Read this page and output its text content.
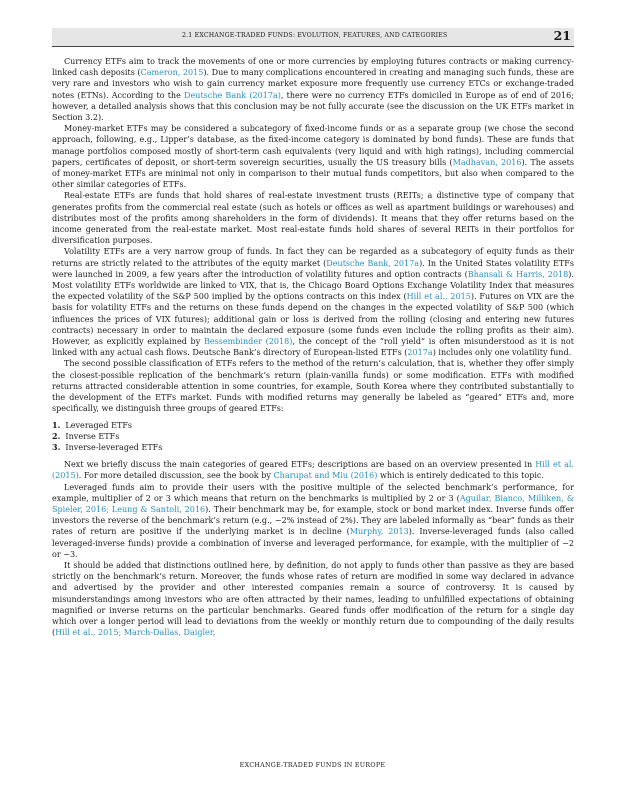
2.1 EXCHANGE-TRADED FUNDS: EVOLUTION, FEATURES, AND CATEGORIES	21

Currency ETFs aim to track the movements of one or more currencies by employing futures contracts or making currency-linked cash deposits (Cameron, 2015). Due to many complications encountered in creating and managing such funds, these are very rare and investors who wish to gain currency market exposure more frequently use currency ETCs or exchange-traded notes (ETNs). According to the Deutsche Bank (2017a), there were no currency ETFs domiciled in Europe as of end of 2016; however, a detailed analysis shows that this conclusion may be not fully accurate (see the discussion on the UK ETFs market in Section 3.2).

Money-market ETFs may be considered a subcategory of fixed-income funds or as a separate group (we chose the second approach, following, e.g., Lipper’s database, as the fixed-income category is dominated by bond funds). These are funds that manage portfolios composed mostly of short-term cash equivalents (very liquid and with high ratings), including commercial papers, certificates of deposit, or short-term sovereign securities, usually the US treasury bills (Madhavan, 2016). The assets of money-market ETFs are minimal not only in comparison to their mutual funds competitors, but also when compared to the other similar categories of ETFs.

Real-estate ETFs are funds that hold shares of real-estate investment trusts (REITs; a distinctive type of company that generates profits from the commercial real estate (such as hotels or offices as well as apartment buildings or warehouses) and distributes most of the profits among shareholders in the form of dividends). It means that they offer returns based on the income generated from the real-estate market. Most real-estate funds hold shares of several REITs in their portfolios for diversification purposes.

Volatility ETFs are a very narrow group of funds. In fact they can be regarded as a subcategory of equity funds as their returns are strictly related to the attributes of the equity market (Deutsche Bank, 2017a). In the United States volatility ETFs were launched in 2009, a few years after the introduction of volatility futures and option contracts (Bhansali & Harris, 2018). Most volatility ETFs worldwide are linked to VIX, that is, the Chicago Board Options Exchange Volatility Index that measures the expected volatility of the S&P 500 implied by the options contracts on this index (Hill et al., 2015). Futures on VIX are the basis for volatility ETFs and the returns on these funds depend on the changes in the expected volatility of S&P 500 (which influences the prices of VIX futures); additional gain or loss is derived from the rolling (closing and entering new futures contracts) necessary in order to maintain the declared exposure (some funds even include the rolling profits as their aim). However, as explicitly explained by Bessembinder (2018), the concept of the “roll yield” is often misunderstood as it is not linked with any actual cash flows. Deutsche Bank’s directory of European-listed ETFs (2017a) includes only one volatility fund.

The second possible classification of ETFs refers to the method of the return’s calculation, that is, whether they offer simply the closest-possible replication of the benchmark’s return (plain-vanilla funds) or some modification. ETFs with modified returns attracted considerable attention in some countries, for example, South Korea where they contributed substantially to the development of the ETFs market. Funds with modified returns may generally be labeled as “geared” ETFs and, more specifically, we distinguish three groups of geared ETFs:

1. Leveraged ETFs
2. Inverse ETFs
3. Inverse-leveraged ETFs

Next we briefly discuss the main categories of geared ETFs; descriptions are based on an overview presented in Hill et al. (2015). For more detailed discussion, see the book by Charupat and Miu (2016) which is entirely dedicated to this topic.

Leveraged funds aim to provide their users with the positive multiple of the selected benchmark’s performance, for example, multiplier of 2 or 3 which means that return on the benchmarks is multiplied by 2 or 3 (Aguilar, Bianco, Milliken, & Spieler, 2016; Leung & Santoli, 2016). Their benchmark may be, for example, stock or bond market index. Inverse funds offer investors the reverse of the benchmark’s return (e.g., −2% instead of 2%). They are labeled informally as “bear” funds as their rates of return are positive if the underlying market is in decline (Murphy, 2013). Inverse-leveraged funds (also called leveraged-inverse funds) provide a combination of inverse and leveraged performance, for example, with the multiplier of −2 or −3.

It should be added that distinctions outlined here, by definition, do not apply to funds other than passive as they are based strictly on the benchmark’s return. Moreover, the funds whose rates of return are modified in some way declared in advance and advertised by the provider and other interested companies remain a source of controversy. It is caused by misunderstandings among investors who are often attracted by their names, leading to unfulfilled expectations of obtaining magnified or inverse returns on the particular benchmarks. Geared funds offer modification of the return for a single day which over a longer period will lead to deviations from the weekly or monthly return due to compounding of the daily results (Hill et al., 2015; March-Dallas, Daigler,

EXCHANGE-TRADED FUNDS IN EUROPE
